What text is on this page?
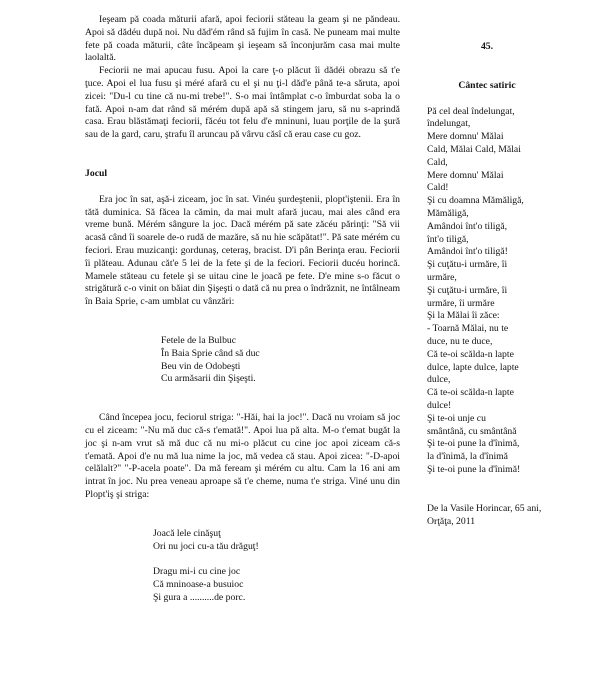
Ieşeam pă coada măturii afară, apoi feciorii stăteau la geam şi ne păndeau. Apoi să dădéu după noi. Nu dăd'ém rând să fujim în casă. Ne puneam mai multe fete pă coada măturii, câte încăpeam şi ieşeam să înconjurăm casa mai multe laolaltă.

Feciorii ne mai apucau fusu. Apoi la care ţ-o plăcut îi dădéi obrazu să t'e ţuce. Apoi el lua fusu şi méré afară cu el şi nu ţi-l dăd'e până te-a săruta, apoi zicei: "Du-l cu tine că nu-mi trebe!". S-o mai întâmplat c-o îmburdat soba la o fată. Apoi n-am dat rând să mérém după apă să stingem jaru, să nu s-aprindă casa. Erau blăstămaţi feciorii, făcéu tot felu d'e mninuni, luau porţile de la şură sau de la gard, caru, ştrafu îl aruncau pă vârvu căsî că erau case cu goz.

Jocul

Era joc în sat, aşă-i ziceam, joc în sat. Vinéu şurdeştenii, plopt'iştenii. Era în tătă duminica. Să făcea la cămin, da mai mult afară jucau, mai ales când era vreme bună. Mérém sângure la joc. Dacă mérém pă sate zăcéu părinţi: "Să vii acasă când îi soarele de-o rudă de mazăre, să nu hie scăpătat!". Pă sate mérém cu feciori. Erau muzicanţi: gordunaş, ceteraş, bracist. D'i pân Berinţa erau. Feciorii îi plăteau. Adunau căt'e 5 lei de la fete şi de la feciori. Feciorii ducéu horincă. Mamele stăteau cu fetele şi se uitau cine le joacă pe fete. D'e mine s-o făcut o strigătură c-o vinit on băiat din Şişeşti o dată că nu prea o îndrăznit, ne întâlneam în Baia Sprie, c-am umblat cu vânzări:

Fetele de la Bulbuc
În Baia Sprie când să duc
Beu vin de Odobeşti
Cu armăsarii din Şişeşti.

Când începea jocu, feciorul striga: "-Hăi, hai la joc!". Dacă nu vroiam să joc cu el ziceam: "-Nu mă duc că-s t'emată!". Apoi lua pă alta. M-o t'emat bugăt la joc şi n-am vrut să mă duc că nu mi-o plăcut cu cine joc apoi ziceam că-s t'emată. Apoi d'e nu mă lua nime la joc, mă vedea că stau. Apoi zicea: "-D-apoi celălalt?" "-P-acela poate". Da mă feream şi mérém cu altu. Cam la 16 ani am intrat în joc. Nu prea veneau aproape să t'e cheme, numa t'e striga. Viné unu din Plopt'iş şi striga:

Joacă lele cinăşuţ
Ori nu joci cu-a tău drăguţ!
Dragu mi-i cu cine joc
Că mninoase-a busuioc
Şi gura a ..........de porc.

45.

Cântec satiric

Pă cel deal îndelungat,
îndelungat,
Mere domnu' Mălai
Cald, Mălai Cald, Mălai
Cald,
Mere domnu' Mălai
Cald!
Şi cu doamna Mămăligă,
Mămăligă,
Amândoi înt'o tiligă,
înt'o tiligă,
Amândoi înt'o tiligă!
Şi cuţătu-i urmăre, îi
urmăre,
Şi cuţătu-i urmăre, îi
urmăre, îi urmăre
Şi la Mălai îi zăce:
- Toarnă Mălai, nu te
duce, nu te duce,
Că te-oi scălda-n lapte
dulce, lapte dulce, lapte
dulce,
Că te-oi scălda-n lapte
dulce!
Şi te-oi unje cu
smântână, cu smântână
Şi te-oi pune la d'înimă,
la d'înimă, la d'înimă
Şi te-oi pune la d'înimă!

De la Vasile Horincar, 65 ani, Orţăţa, 2011
